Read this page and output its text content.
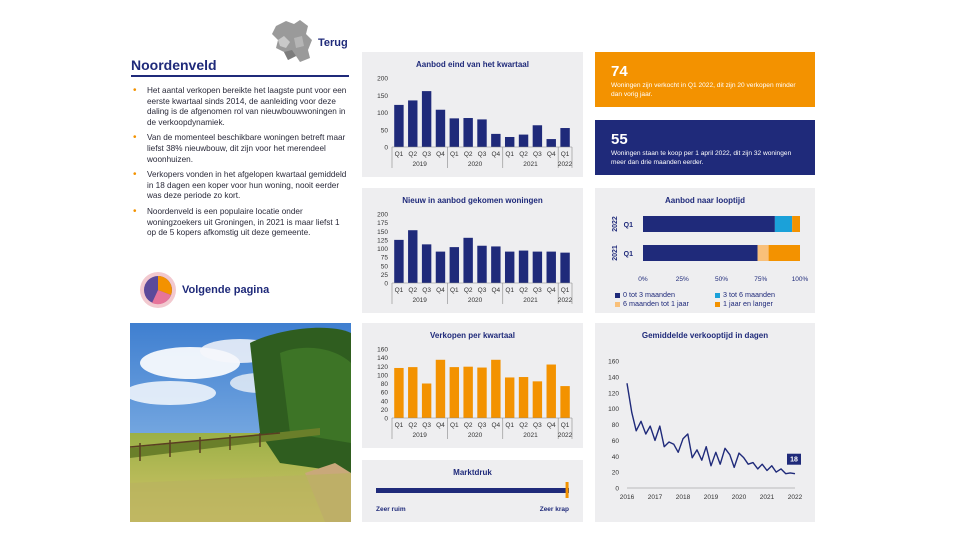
Terug
Noordenveld
• Het aantal verkopen bereikte het laagste punt voor een eerste kwartaal sinds 2014, de aanleiding voor deze daling is de afgenomen rol van nieuwbouwwoningen in de verkoopdynamiek.
• Van de momenteel beschikbare woningen betreft maar liefst 38% nieuwbouw, dit zijn voor het merendeel woonhuizen.
• Verkopers vonden in het afgelopen kwartaal gemiddeld in 18 dagen een koper voor hun woning, nooit eerder was deze periode zo kort.
• Noordenveld is een populaire locatie onder woningzoekers uit Groningen, in 2021 is maar liefst 1 op de 5 kopers afkomstig uit deze gemeente.
Volgende pagina
Aanbod eind van het kwartaal
0
50
100
150
200
Q1 Q2 Q3 Q4 Q1 Q2 Q3 Q4 Q1 Q2 Q3 Q4 Q1
2019	2020	2021	2022
Nieuw in aanbod gekomen woningen
0
25
50
75
100
125
150
175
200
Q1 Q2 Q3 Q4 Q1 Q2 Q3 Q4 Q1 Q2 Q3 Q4 Q1
2019	2020	2021	2022
Verkopen per kwartaal
0
20
40
60
80
100
120
140
160
Q1 Q2 Q3 Q4 Q1 Q2 Q3 Q4 Q1 Q2 Q3 Q4 Q1
2019	2020	2021	2022
Marktdruk
Zeer ruim	Zeer krap
74
Woningen zijn verkocht in Q1 2022, dit zijn 20 verkopen minder dan vorig jaar.
55
Woningen staan te koop per 1 april 2022, dit zijn 32 woningen meer dan drie maanden eerder.
Aanbod naar looptijd
Q1
2022
Q1
2021
0%	25%	50%	75%	100%
0 tot 3 maanden	3 tot 6 maanden
6 maanden tot 1 jaar	1 jaar en langer
Gemiddelde verkooptijd in dagen
0
20
40
60
80
100
120
140
160
2016 2017 2018 2019 2020 2021 2022
18
